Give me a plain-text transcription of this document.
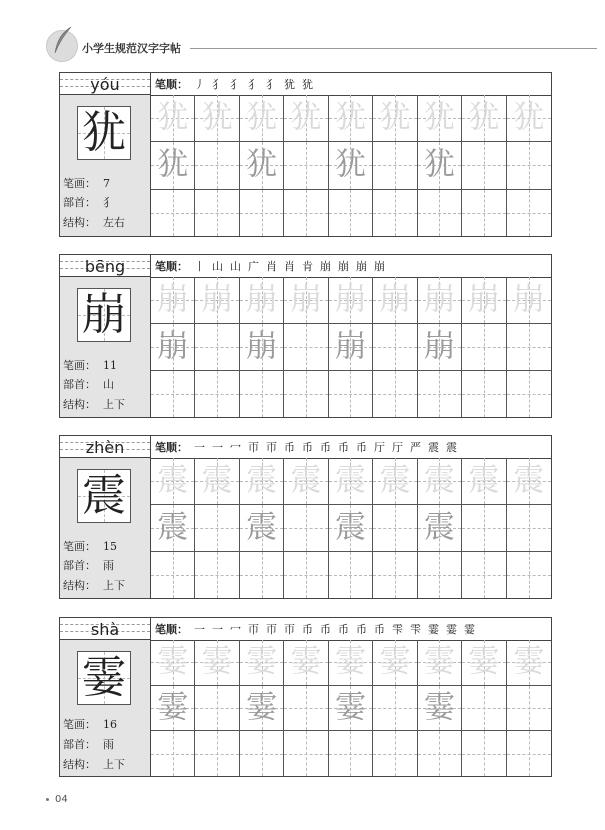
小学生规范汉字字帖
yóu
犹
笔画： 7
部首： 犭
结构： 左右
笔顺： 丿 犭 犭 犭 犭 犹 犹
犹 犹 犹 犹 犹 犹 犹 犹 犹
犹 犹 犹 犹
bēng
崩
笔画： 11
部首： 山
结构： 上下
笔顺： 丨 山 山 广 肖 肖 肯 崩 崩 崩 崩
崩 崩 崩 崩 崩 崩 崩 崩 崩
崩 崩 崩 崩
zhèn
震
笔画： 15
部首： 雨
结构： 上下
笔顺： 一 一 冖 帀 帀 币 币 币 币 币 厅 厅 严 震 震
震 震 震 震 震 震 震 震 震
震 震 震 震
shà
霎
笔画： 16
部首： 雨
结构： 上下
笔顺： 一 一 冖 帀 帀 帀 币 币 币 币 币 雫 雫 霎 霎 霎
霎 霎 霎 霎 霎 霎 霎 霎 霎
霎 霎 霎 霎
04
